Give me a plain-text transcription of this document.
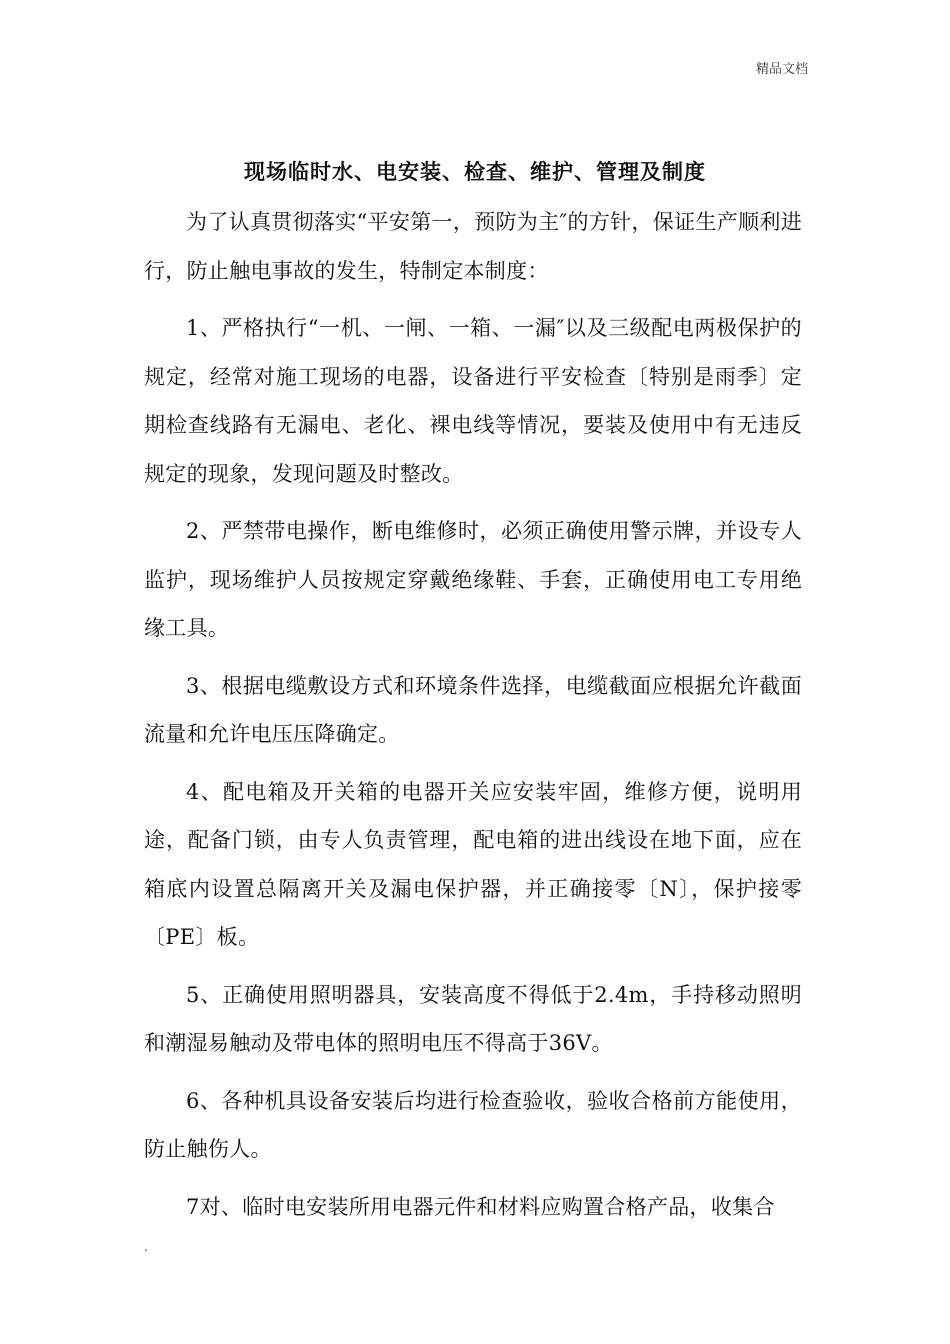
精品文档
现场临时水、电安装、检查、维护、管理及制度

为了认真贯彻落实“平安第一，预防为主″的方针，保证生产顺利进行，防止触电事故的发生，特制定本制度：

1、严格执行“一机、一闸、一箱、一漏″以及三级配电两极保护的规定，经常对施工现场的电器，设备进行平安检查〔特别是雨季〕定期检查线路有无漏电、老化、裸电线等情况，要装及使用中有无违反规定的现象，发现问题及时整改。

2、严禁带电操作，断电维修时，必须正确使用警示牌，并设专人监护，现场维护人员按规定穿戴绝缘鞋、手套，正确使用电工专用绝缘工具。

3、根据电缆敷设方式和环境条件选择，电缆截面应根据允许截面流量和允许电压压降确定。

4、配电箱及开关箱的电器开关应安装牢固，维修方便，说明用途，配备门锁，由专人负责管理，配电箱的进出线设在地下面，应在箱底内设置总隔离开关及漏电保护器，并正确接零〔N〕，保护接零〔PE〕板。

5、正确使用照明器具，安装高度不得低于2.4m，手持移动照明和潮湿易触动及带电体的照明电压不得高于36V。

6、各种机具设备安装后均进行检查验收，验收合格前方能使用，防止触伤人。

7对、临时电安装所用电器元件和材料应购置合格产品，收集合

.
